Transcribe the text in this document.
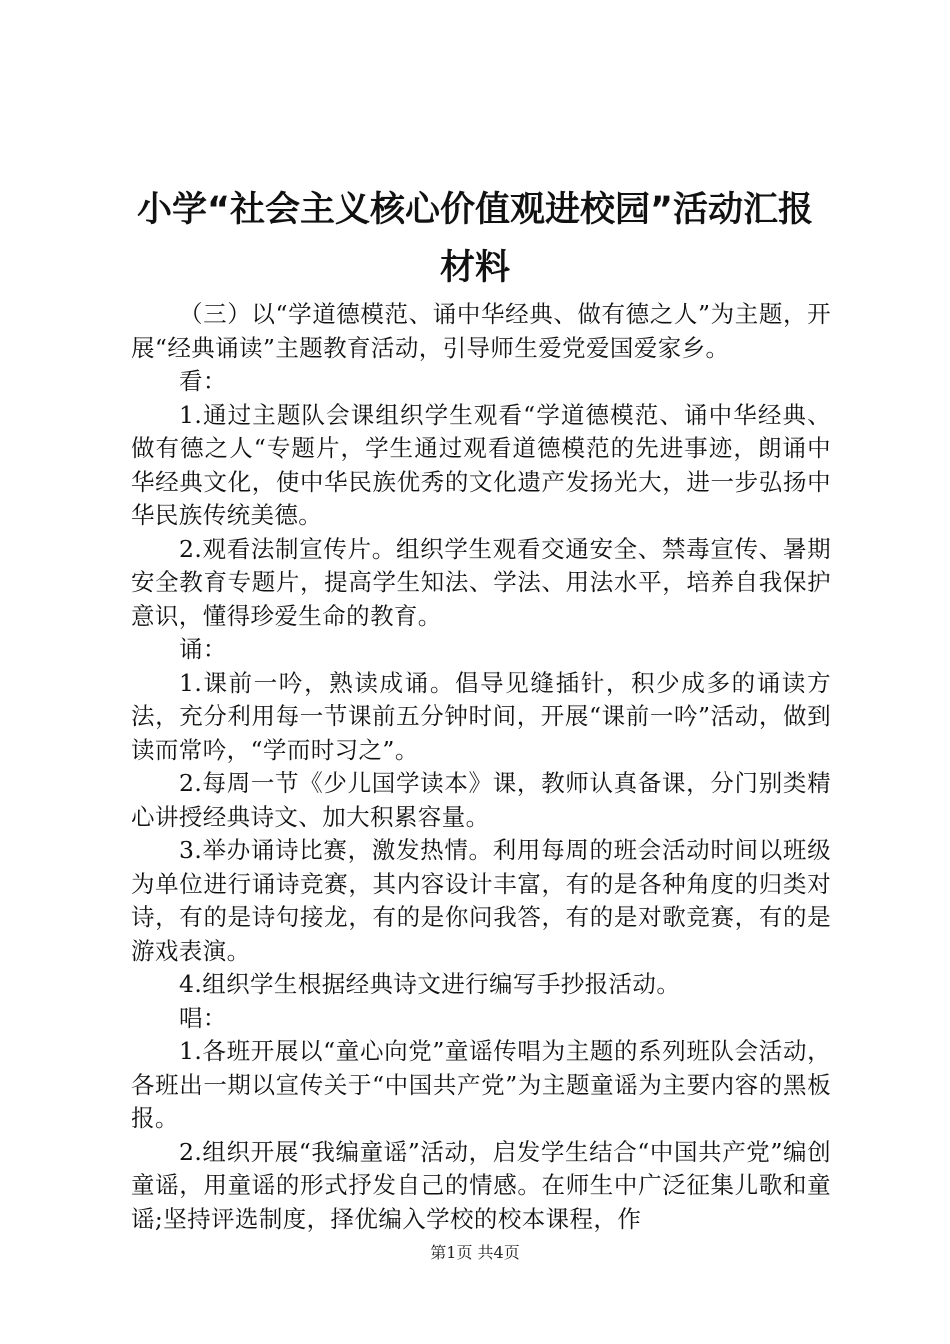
小学“社会主义核心价值观进校园”活动汇报
材料

（三）以“学道德模范、诵中华经典、做有德之人”为主题，开展“经典诵读”主题教育活动，引导师生爱党爱国爱家乡。

看：

1.通过主题队会课组织学生观看“学道德模范、诵中华经典、做有德之人“专题片，学生通过观看道德模范的先进事迹，朗诵中华经典文化，使中华民族优秀的文化遗产发扬光大，进一步弘扬中华民族传统美德。

2.观看法制宣传片。组织学生观看交通安全、禁毒宣传、暑期安全教育专题片，提高学生知法、学法、用法水平，培养自我保护意识，懂得珍爱生命的教育。

诵：

1.课前一吟，熟读成诵。倡导见缝插针，积少成多的诵读方法，充分利用每一节课前五分钟时间，开展“课前一吟”活动，做到读而常吟，“学而时习之”。

2.每周一节《少儿国学读本》课，教师认真备课，分门别类精心讲授经典诗文、加大积累容量。

3.举办诵诗比赛，激发热情。利用每周的班会活动时间以班级为单位进行诵诗竞赛，其内容设计丰富，有的是各种角度的归类对诗，有的是诗句接龙，有的是你问我答，有的是对歌竞赛，有的是游戏表演。

4.组织学生根据经典诗文进行编写手抄报活动。

唱：

1.各班开展以“童心向党”童谣传唱为主题的系列班队会活动，各班出一期以宣传关于“中国共产党”为主题童谣为主要内容的黑板报。

2.组织开展“我编童谣”活动，启发学生结合“中国共产党”编创童谣，用童谣的形式抒发自己的情感。在师生中广泛征集儿歌和童谣;坚持评选制度，择优编入学校的校本课程，作

第1页 共4页
